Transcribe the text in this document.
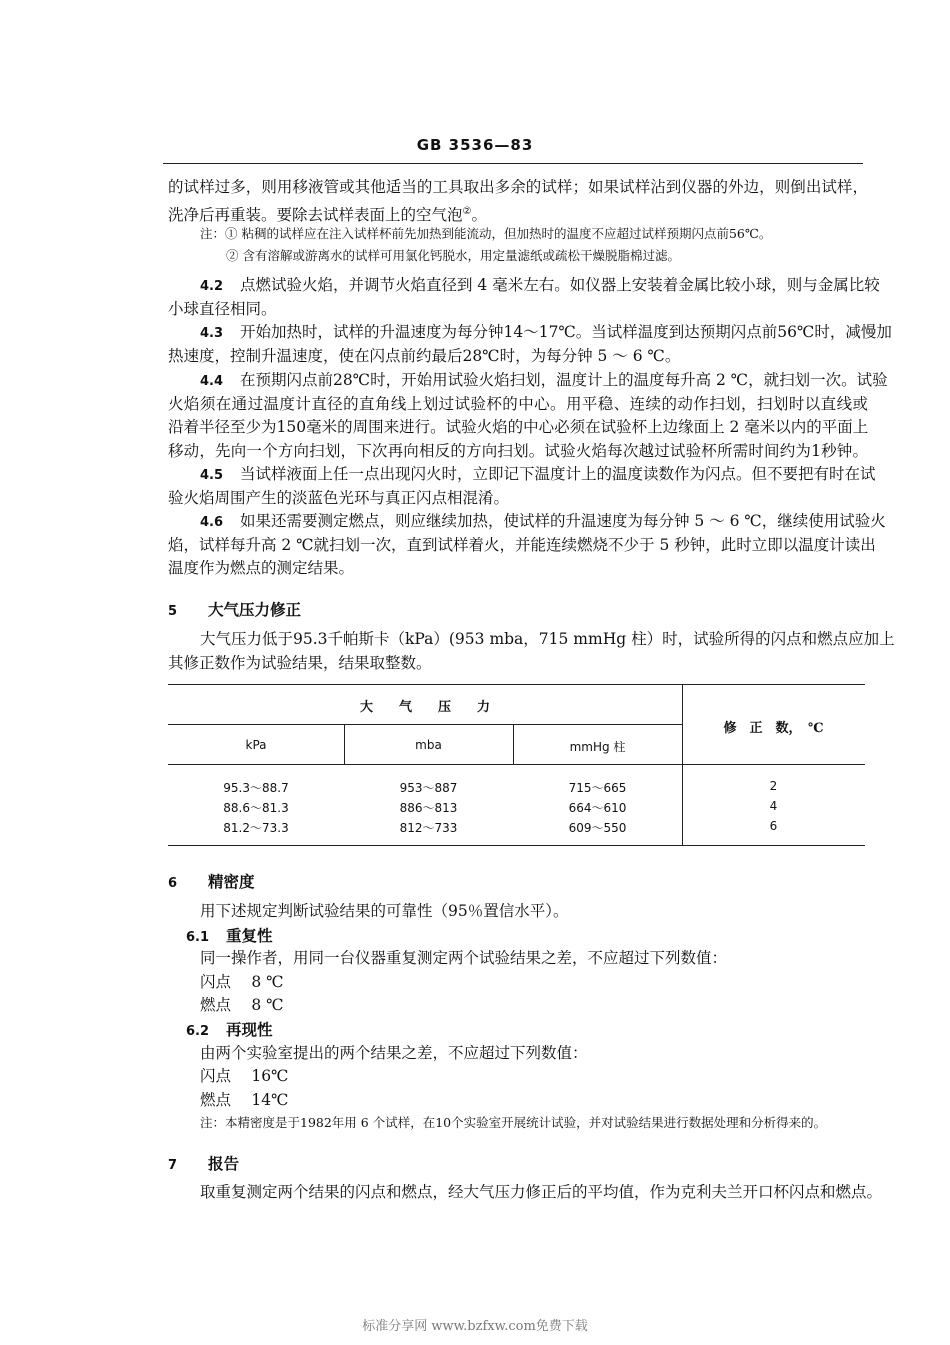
GB 3536—83
的试样过多，则用移液管或其他适当的工具取出多余的试样；如果试样沾到仪器的外边，则倒出试样，
洗净后再重装。要除去试样表面上的空气泡②。
注：① 粘稠的试样应在注入试样杯前先加热到能流动，但加热时的温度不应超过试样预期闪点前56℃。
② 含有溶解或游离水的试样可用氯化钙脱水，用定量滤纸或疏松干燥脱脂棉过滤。
4.2 点燃试验火焰，并调节火焰直径到 4 毫米左右。如仪器上安装着金属比较小球，则与金属比较
小球直径相同。
4.3 开始加热时，试样的升温速度为每分钟14～17℃。当试样温度到达预期闪点前56℃时，减慢加
热速度，控制升温速度，使在闪点前约最后28℃时，为每分钟 5 ～ 6 ℃。
4.4 在预期闪点前28℃时，开始用试验火焰扫划，温度计上的温度每升高 2 ℃，就扫划一次。试验
火焰须在通过温度计直径的直角线上划过试验杯的中心。用平稳、连续的动作扫划，扫划时以直线或
沿着半径至少为150毫米的周围来进行。试验火焰的中心必须在试验杯上边缘面上 2 毫米以内的平面上
移动，先向一个方向扫划，下次再向相反的方向扫划。试验火焰每次越过试验杯所需时间约为1秒钟。
4.5 当试样液面上任一点出现闪火时，立即记下温度计上的温度读数作为闪点。但不要把有时在试
验火焰周围产生的淡蓝色光环与真正闪点相混淆。
4.6 如果还需要测定燃点，则应继续加热，使试样的升温速度为每分钟 5 ～ 6 ℃，继续使用试验火
焰，试样每升高 2 ℃就扫划一次，直到试样着火，并能连续燃烧不少于 5 秒钟，此时立即以温度计读出
温度作为燃点的测定结果。
5 大气压力修正
大气压力低于95.3千帕斯卡（kPa）(953 mba，715 mmHg 柱）时，试验所得的闪点和燃点应加上
其修正数作为试验结果，结果取整数。
大　　气　　压　　力
修　正　数，　℃
kPa	mba	mmHg 柱
95.3～88.7	953～887	715～665	2
88.6～81.3	886～813	664～610	4
81.2～73.3	812～733	609～550	6
6 精密度
用下述规定判断试验结果的可靠性（95％置信水平）。
6.1 重复性
同一操作者，用同一台仪器重复测定两个试验结果之差，不应超过下列数值：
闪点　 8 ℃
燃点　 8 ℃
6.2 再现性
由两个实验室提出的两个结果之差，不应超过下列数值：
闪点　 16℃
燃点　 14℃
注：本精密度是于1982年用 6 个试样，在10个实验室开展统计试验，并对试验结果进行数据处理和分析得来的。
7 报告
取重复测定两个结果的闪点和燃点，经大气压力修正后的平均值，作为克利夫兰开口杯闪点和燃点。
标准分享网 www.bzfxw.com免费下载
